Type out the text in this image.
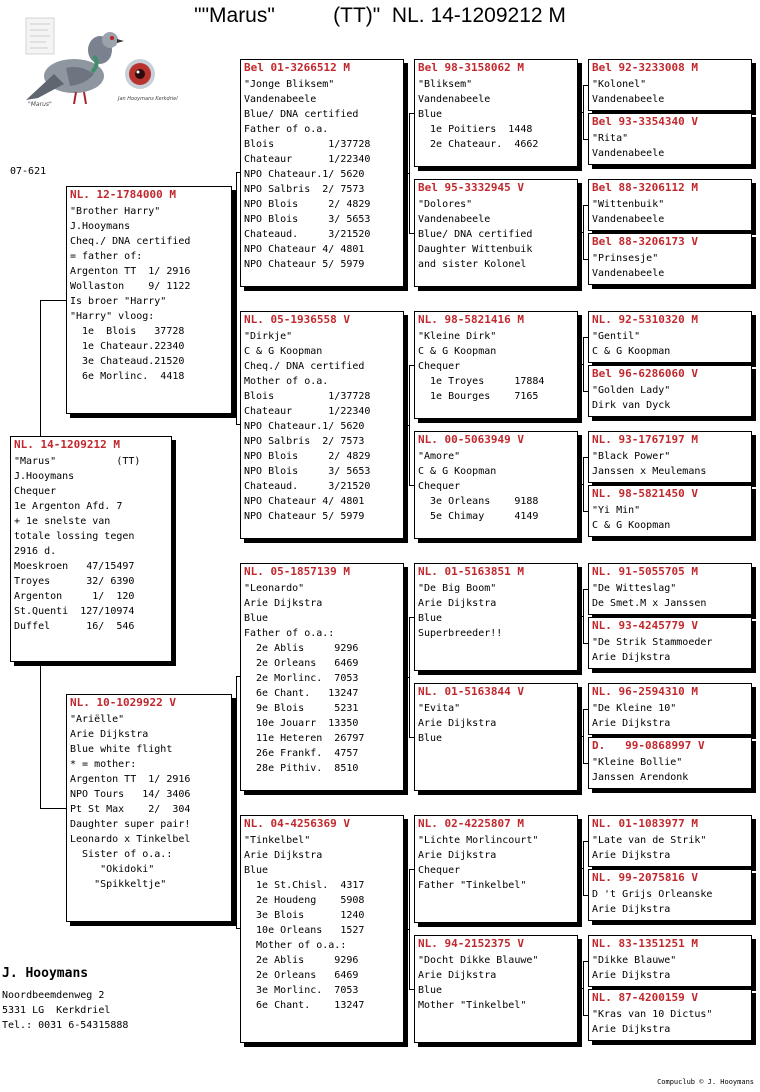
""Marus"          (TT)"  NL. 14-1209212 M
"Marus"
Jan Hooymans Kerkdriel
07-621
NL. 14-1209212 M
"Marus"          (TT)
J.Hooymans
Chequer
1e Argenton Afd. 7
+ 1e snelste van
totale lossing tegen
2916 d.
Moeskroen   47/15497
Troyes      32/ 6390
Argenton     1/  120
St.Quenti  127/10974
Duffel      16/  546
NL. 12-1784000 M
"Brother Harry"
J.Hooymans
Cheq./ DNA certified
= father of:
Argenton TT  1/ 2916
Wollaston    9/ 1122
Is broer "Harry"
"Harry" vloog:
1e  Blois   37728
1e Chateaur.22340
3e Chateaud.21520
6e Morlinc.  4418
NL. 10-1029922 V
"Ariëlle"
Arie Dijkstra
Blue white flight
* = mother:
Argenton TT  1/ 2916
NPO Tours   14/ 3406
Pt St Max    2/  304
Daughter super pair!
Leonardo x Tinkelbel
Sister of o.a.:
"Okidoki"
"Spikkeltje"
Bel 01-3266512 M
"Jonge Bliksem"
Vandenabeele
Blue/ DNA certified
Father of o.a.
Blois         1/37728
Chateaur      1/22340
NPO Chateaur.1/ 5620
NPO Salbris  2/ 7573
NPO Blois     2/ 4829
NPO Blois     3/ 5653
Chateaud.     3/21520
NPO Chateaur 4/ 4801
NPO Chateaur 5/ 5979
NL. 05-1936558 V
"Dirkje"
C & G Koopman
Cheq./ DNA certified
Mother of o.a.
Blois         1/37728
Chateaur      1/22340
NPO Chateaur.1/ 5620
NPO Salbris  2/ 7573
NPO Blois     2/ 4829
NPO Blois     3/ 5653
Chateaud.     3/21520
NPO Chateaur 4/ 4801
NPO Chateaur 5/ 5979
NL. 05-1857139 M
"Leonardo"
Arie Dijkstra
Blue
Father of o.a.:
2e Ablis     9296
2e Orleans   6469
2e Morlinc.  7053
6e Chant.   13247
9e Blois     5231
10e Jouarr  13350
11e Heteren  26797
26e Frankf.  4757
28e Pithiv.  8510
NL. 04-4256369 V
"Tinkelbel"
Arie Dijkstra
Blue
1e St.Chisl.  4317
2e Houdeng    5908
3e Blois      1240
10e Orleans   1527
Mother of o.a.:
2e Ablis     9296
2e Orleans   6469
3e Morlinc.  7053
6e Chant.    13247
Bel 98-3158062 M
"Bliksem"
Vandenabeele
Blue
1e Poitiers  1448
2e Chateaur.  4662
Bel 95-3332945 V
"Dolores"
Vandenabeele
Blue/ DNA certified
Daughter Wittenbuik
and sister Kolonel
NL. 98-5821416 M
"Kleine Dirk"
C & G Koopman
Chequer
1e Troyes     17884
1e Bourges    7165
NL. 00-5063949 V
"Amore"
C & G Koopman
Chequer
3e Orleans    9188
5e Chimay     4149
NL. 01-5163851 M
"De Big Boom"
Arie Dijkstra
Blue
Superbreeder!!
NL. 01-5163844 V
"Evita"
Arie Dijkstra
Blue
NL. 02-4225807 M
"Lichte Morlincourt"
Arie Dijkstra
Chequer
Father "Tinkelbel"
NL. 94-2152375 V
"Docht Dikke Blauwe"
Arie Dijkstra
Blue
Mother "Tinkelbel"
Bel 92-3233008 M
"Kolonel"
Vandenabeele
Bel 93-3354340 V
"Rita"
Vandenabeele
Bel 88-3206112 M
"Wittenbuik"
Vandenabeele
Bel 88-3206173 V
"Prinsesje"
Vandenabeele
NL. 92-5310320 M
"Gentil"
C & G Koopman
Bel 96-6286060 V
"Golden Lady"
Dirk van Dyck
NL. 93-1767197 M
"Black Power"
Janssen x Meulemans
NL. 98-5821450 V
"Yi Min"
C & G Koopman
NL. 91-5055705 M
"De Witteslag"
De Smet.M x Janssen
NL. 93-4245779 V
"De Strik Stammoeder
Arie Dijkstra
NL. 96-2594310 M
"De Kleine 10"
Arie Dijkstra
D.   99-0868997 V
"Kleine Bollie"
Janssen Arendonk
NL. 01-1083977 M
"Late van de Strik"
Arie Dijkstra
NL. 99-2075816 V
D 't Grijs Orleanske
Arie Dijkstra
NL. 83-1351251 M
"Dikke Blauwe"
Arie Dijkstra
NL. 87-4200159 V
"Kras van 10 Dictus"
Arie Dijkstra
J. Hooymans
Noordbeemdenweg 2
5331 LG  Kerkdriel
Tel.: 0031 6-54315888
Compuclub © J. Hooymans
